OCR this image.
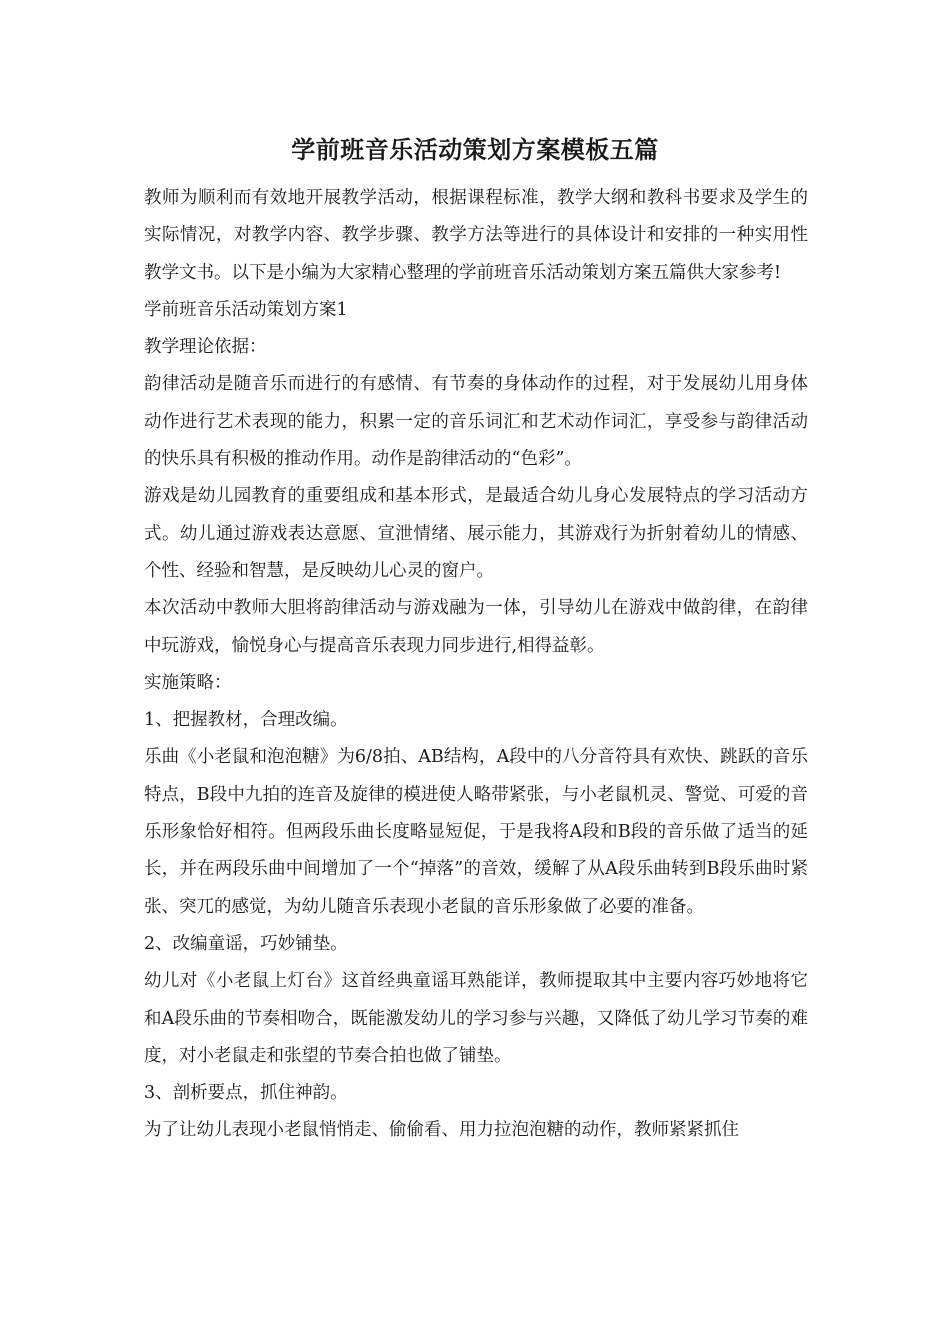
学前班音乐活动策划方案模板五篇

教师为顺利而有效地开展教学活动，根据课程标准，教学大纲和教科书要求及学生的实际情况，对教学内容、教学步骤、教学方法等进行的具体设计和安排的一种实用性教学文书。以下是小编为大家精心整理的学前班音乐活动策划方案五篇供大家参考!

学前班音乐活动策划方案1

教学理论依据：

韵律活动是随音乐而进行的有感情、有节奏的身体动作的过程，对于发展幼儿用身体动作进行艺术表现的能力，积累一定的音乐词汇和艺术动作词汇，享受参与韵律活动的快乐具有积极的推动作用。动作是韵律活动的“色彩”。

游戏是幼儿园教育的重要组成和基本形式，是最适合幼儿身心发展特点的学习活动方式。幼儿通过游戏表达意愿、宣泄情绪、展示能力，其游戏行为折射着幼儿的情感、个性、经验和智慧，是反映幼儿心灵的窗户。

本次活动中教师大胆将韵律活动与游戏融为一体，引导幼儿在游戏中做韵律，在韵律中玩游戏，愉悦身心与提高音乐表现力同步进行,相得益彰。

实施策略：

1、把握教材，合理改编。

乐曲《小老鼠和泡泡糖》为6/8拍、AB结构，A段中的八分音符具有欢快、跳跃的音乐特点，B段中九拍的连音及旋律的模进使人略带紧张，与小老鼠机灵、警觉、可爱的音乐形象恰好相符。但两段乐曲长度略显短促，于是我将A段和B段的音乐做了适当的延长，并在两段乐曲中间增加了一个“掉落”的音效，缓解了从A段乐曲转到B段乐曲时紧张、突兀的感觉，为幼儿随音乐表现小老鼠的音乐形象做了必要的准备。

2、改编童谣，巧妙铺垫。

幼儿对《小老鼠上灯台》这首经典童谣耳熟能详，教师提取其中主要内容巧妙地将它和A段乐曲的节奏相吻合，既能激发幼儿的学习参与兴趣，又降低了幼儿学习节奏的难度，对小老鼠走和张望的节奏合拍也做了铺垫。

3、剖析要点，抓住神韵。

为了让幼儿表现小老鼠悄悄走、偷偷看、用力拉泡泡糖的动作，教师紧紧抓住
